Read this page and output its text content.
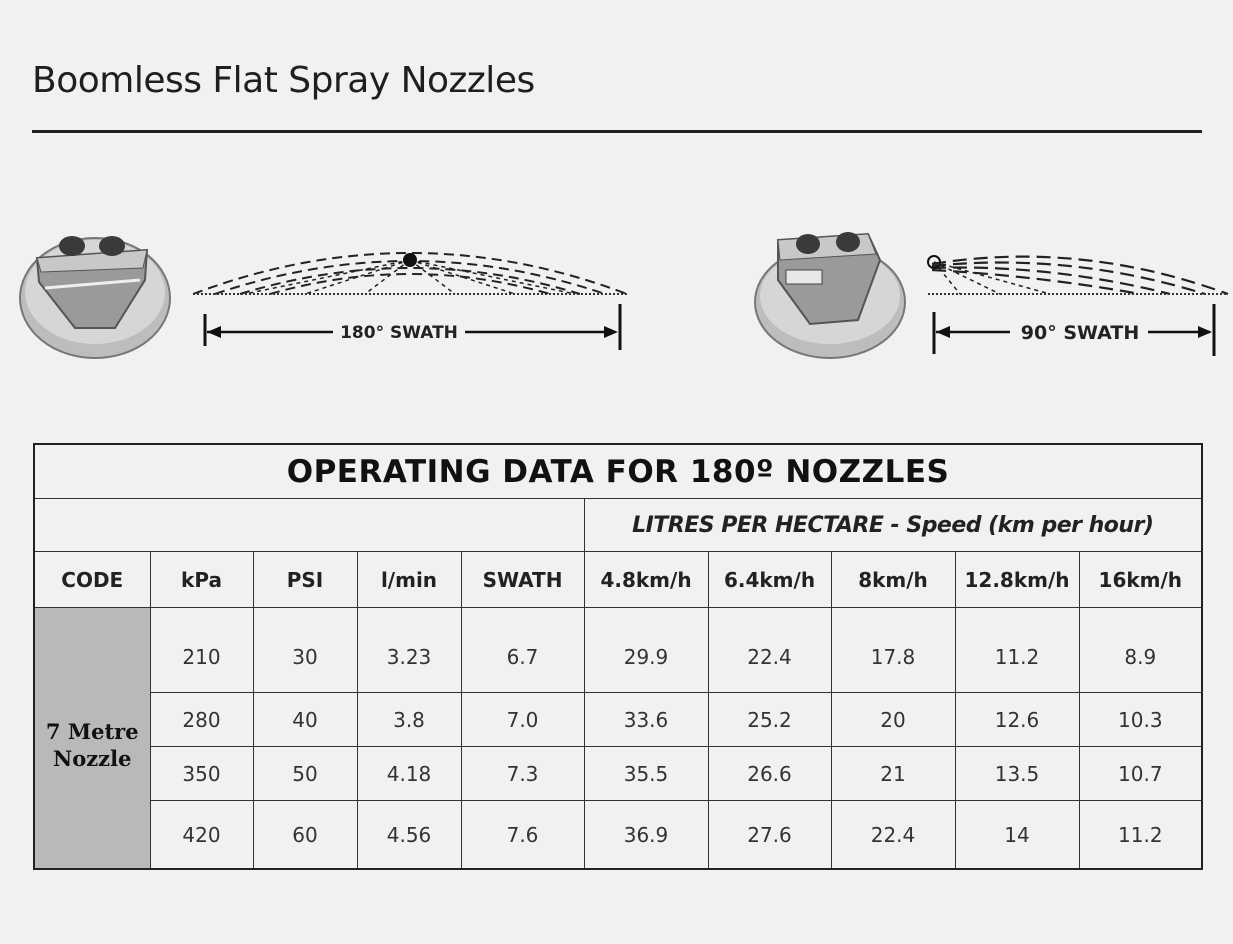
Boomless Flat Spray Nozzles
180° SWATH	90° SWATH
OPERATING DATA FOR 180º NOZZLES									
					LITRES PER HECTARE - Speed (km per hour)				
CODE	kPa	PSI	l/min	SWATH	4.8km/h	6.4km/h	8km/h	12.8km/h	16km/h
7 Metre
Nozzle	210	30	3.23	6.7	29.9	22.4	17.8	11.2	8.9
	280	40	3.8	7.0	33.6	25.2	20	12.6	10.3
	350	50	4.18	7.3	35.5	26.6	21	13.5	10.7
	420	60	4.56	7.6	36.9	27.6	22.4	14	11.2
